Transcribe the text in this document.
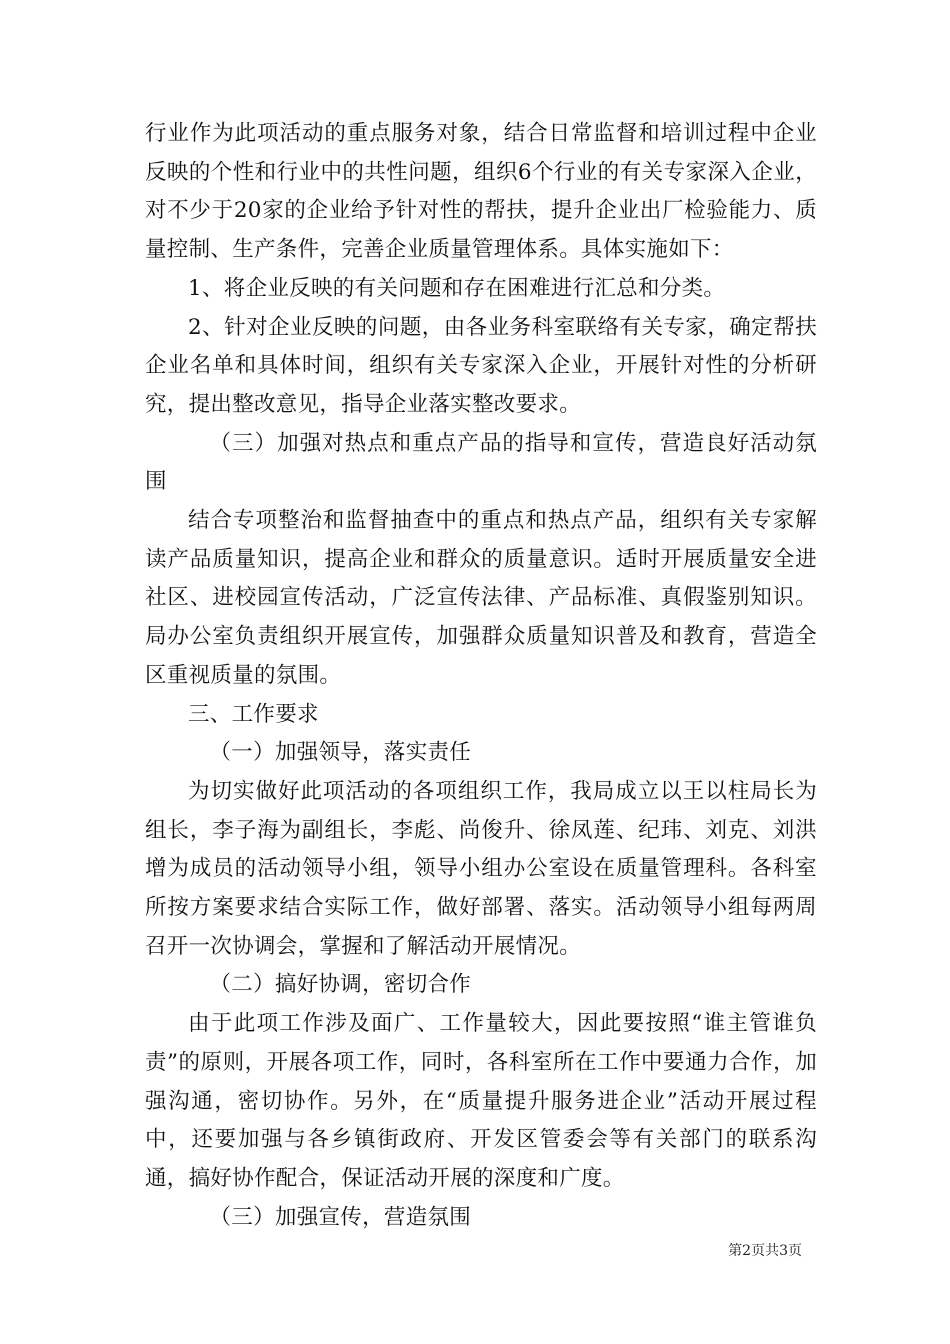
行业作为此项活动的重点服务对象，结合日常监督和培训过程中企业反映的个性和行业中的共性问题，组织6个行业的有关专家深入企业，对不少于20家的企业给予针对性的帮扶，提升企业出厂检验能力、质量控制、生产条件，完善企业质量管理体系。具体实施如下：

1、将企业反映的有关问题和存在困难进行汇总和分类。

2、针对企业反映的问题，由各业务科室联络有关专家，确定帮扶企业名单和具体时间，组织有关专家深入企业，开展针对性的分析研究，提出整改意见，指导企业落实整改要求。

（三）加强对热点和重点产品的指导和宣传，营造良好活动氛围

结合专项整治和监督抽查中的重点和热点产品，组织有关专家解读产品质量知识，提高企业和群众的质量意识。适时开展质量安全进社区、进校园宣传活动，广泛宣传法律、产品标准、真假鉴别知识。局办公室负责组织开展宣传，加强群众质量知识普及和教育，营造全区重视质量的氛围。

三、工作要求

（一）加强领导，落实责任

为切实做好此项活动的各项组织工作，我局成立以王以柱局长为组长，李子海为副组长，李彪、尚俊升、徐凤莲、纪玮、刘克、刘洪增为成员的活动领导小组，领导小组办公室设在质量管理科。各科室所按方案要求结合实际工作，做好部署、落实。活动领导小组每两周召开一次协调会，掌握和了解活动开展情况。

（二）搞好协调，密切合作

由于此项工作涉及面广、工作量较大，因此要按照“谁主管谁负责”的原则，开展各项工作，同时，各科室所在工作中要通力合作，加强沟通，密切协作。另外，在“质量提升服务进企业”活动开展过程中，还要加强与各乡镇街政府、开发区管委会等有关部门的联系沟通，搞好协作配合，保证活动开展的深度和广度。

（三）加强宣传，营造氛围

第2页共3页
